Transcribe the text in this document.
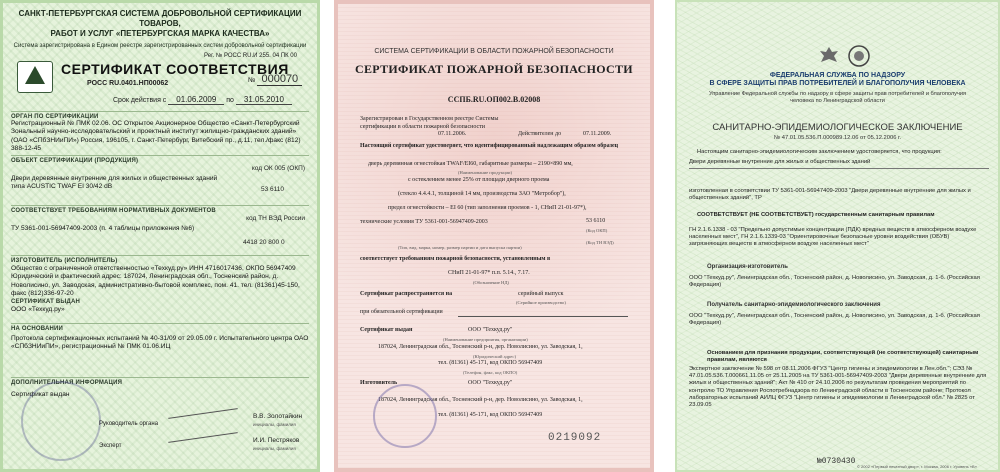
САНКТ-ПЕТЕРБУРГСКАЯ СИСТЕМА ДОБРОВОЛЬНОЙ СЕРТИФИКАЦИИ ТОВАРОВ,
РАБОТ И УСЛУГ «ПЕТЕРБУРГСКАЯ МАРКА КАЧЕСТВА»
Система зарегистрирована в Едином реестре зарегистрированных систем добровольной сертификации
Рег. № РОСС RU.И 255. 04 ПК 00
СЕРТИФИКАТ СООТВЕТСТВИЯ
РОСС RU.0401.НП00062	№ 000070
Срок действия с 01.06.2009 по 31.05.2010
ОРГАН ПО СЕРТИФИКАЦИИ
Регистрационный № ПМК 02.06. ОС Открытое Акционерное Общество «Санкт-Петербургский Зональный научно-исследовательский и проектный институт жилищно-гражданских зданий» (ОАО «СПбЗНИиПИ») Россия, 196105, г. Санкт-Петербург, Витебский пр., д.11, тел./факс (812) 388-12-45
ОБЪЕКТ СЕРТИФИКАЦИИ (ПРОДУКЦИЯ)
код ОК 005 (ОКП)
Двери деревянные внутренние для жилых и общественных зданий типа ACUSTIC TWAF EI 30/42 dB	53 6110
СООТВЕТСТВУЕТ ТРЕБОВАНИЯМ НОРМАТИВНЫХ ДОКУМЕНТОВ
код ТН ВЭД России
ТУ 5361-001-56947409-2003 (п. 4 таблицы приложения №6)
4418 20 800 0
ИЗГОТОВИТЕЛЬ (ИСПОЛНИТЕЛЬ)
Общество с ограниченной ответственностью «Техкуд.ру» ИНН 4716017436, ОКПО 56947409 Юридический и фактический адрес: 187024, Ленинградская обл., Тосненский район, д. Новолисино, ул. Заводская, административно-бытовой комплекс, пом. 41. тел. (81361)45-150, факс (812)336-97-20
СЕРТИФИКАТ ВЫДАН
ООО «Техкуд.ру»
НА ОСНОВАНИИ
Протокола сертификационных испытаний № 40-31/09 от 29.05.09 г. Испытательного центра ОАО «СПбЗНИиПИ», регистрационный № ПМК 01.06.ИЦ
ДОПОЛНИТЕЛЬНАЯ ИНФОРМАЦИЯ
Сертификат выдан
Руководитель органа
В.В. Золотайкин
инициалы, фамилия
Эксперт
И.И. Пестряков
инициалы, фамилия
СИСТЕМА СЕРТИФИКАЦИИ В ОБЛАСТИ ПОЖАРНОЙ БЕЗОПАСНОСТИ
СЕРТИФИКАТ ПОЖАРНОЙ БЕЗОПАСНОСТИ
ССПБ.RU.ОП002.В.02008
Зарегистрирован в Государственном реестре Системы сертификации в области пожарной безопасности
07.11.2006.	Действителен до	07.11.2009.
Настоящий сертификат удостоверяет, что идентифицированный надлежащим образом образец
дверь деревянная огнестойкая TWAF/EI60, габаритные размеры – 2190×890 мм,
(Наименование продукции)
с остеклением менее 25% от площади дверного проема
(стекло 4.4.4.1, толщиной 14 мм, производства ЗАО "Метробор"),
предел огнестойкости – EI 60 (тип заполнения проемов - 1, СНиП 21-01-97*),
технические условия ТУ 5361-001-56947409-2003	53 6110
(Код ОКП)
(Код ТН ВЭД)
(Тип, вид, марка, номер, размер партии и дата выпуска партии)
соответствует требованиям пожарной безопасности, установленным в
СНиП 21-01-97* п.п. 5.14., 7.17.
(Обозначение НД)
Сертификат распространяется на	серийный выпуск
(Серийное производство)
при обязательной сертификации
Сертификат выдан	ООО "Техкуд.ру"
(Наименование предприятия, организации)
187024, Ленинградская обл., Тосненский р-н, дер. Новолисино, ул. Заводская, 1,
(Юридический адрес)
тел. (81361) 45-171, код ОКПО 56947409
(Телефон, факс, код ОКПО)
Изготовитель	ООО "Техкуд.ру"
187024, Ленинградская обл., Тосненский р-н, дер. Новолисино, ул. Заводская, 1,
тел. (81361) 45-171, код ОКПО 56947409
0219092
ФЕДЕРАЛЬНАЯ СЛУЖБА ПО НАДЗОРУ
В СФЕРЕ ЗАЩИТЫ ПРАВ ПОТРЕБИТЕЛЕЙ И БЛАГОПОЛУЧИЯ ЧЕЛОВЕКА
Управление Федеральной службы по надзору в сфере защиты прав потребителей и благополучия человека по Ленинградской области
САНИТАРНО-ЭПИДЕМИОЛОГИЧЕСКОЕ ЗАКЛЮЧЕНИЕ
№ 47.01.05.536.П.000989.12.06 от 05.12.2006 г.
Настоящим санитарно-эпидемиологическим заключением удостоверяется, что продукция:
Двери деревянные внутренние для жилых и общественных зданий
изготовленная в соответствии ТУ 5361-001-56947409-2003 "Двери деревянные внутренние для жилых и общественных зданий", ТР
СООТВЕТСТВУЕТ (НЕ СООТВЕТСТВУЕТ) государственным санитарным правилам
ГН 2.1.6.1338 - 03 "Предельно допустимые концентрации (ПДК) вредных веществ в атмосферном воздухе населенных мест", ГН 2.1.6.1339-03 "Ориентировочные безопасные уровни воздействия (ОБУВ) загрязняющих веществ в атмосферном воздухе населенных мест"
Организация-изготовитель
ООО "Техкуд.ру", Ленинградская обл., Тосненский район, д. Новолисино, ул. Заводская, д. 1-б. (Российская Федерация)
Получатель санитарно-эпидемиологического заключения
ООО "Техкуд.ру", Ленинградская обл., Тосненский район, д. Новолисино, ул. Заводская, д. 1-б. (Российская Федерация)
Основанием для признания продукции, соответствующей (не соответствующей) санитарным правилам, являются
Экспертное заключение № 598 от 08.11.2006 ФГУЗ "Центр гигиены и эпидемиологии в Лен.обл."; СЭЗ № 47.01.05.536.Т.000661.11.05 от 25.11.2005 на ТУ 5361-001-56947409-2003 "Двери деревянные внутренние для жилых и общественных зданий"; Акт № 410 от 24.10.2006 по результатам проведения мероприятий по контролю ТО Управления Роспотребнадзора по Ленинградской области в Тосненском районе; Протокол лабораторных испытаний АИЛЦ ФГУЗ "Центр гигиены и эпидемиологии в Ленинградской обл." № 2825 от 23.09.05
№0730430
© 2002 «Первый печатный двор», г. Москва, 2006 г. Уровень «В»
